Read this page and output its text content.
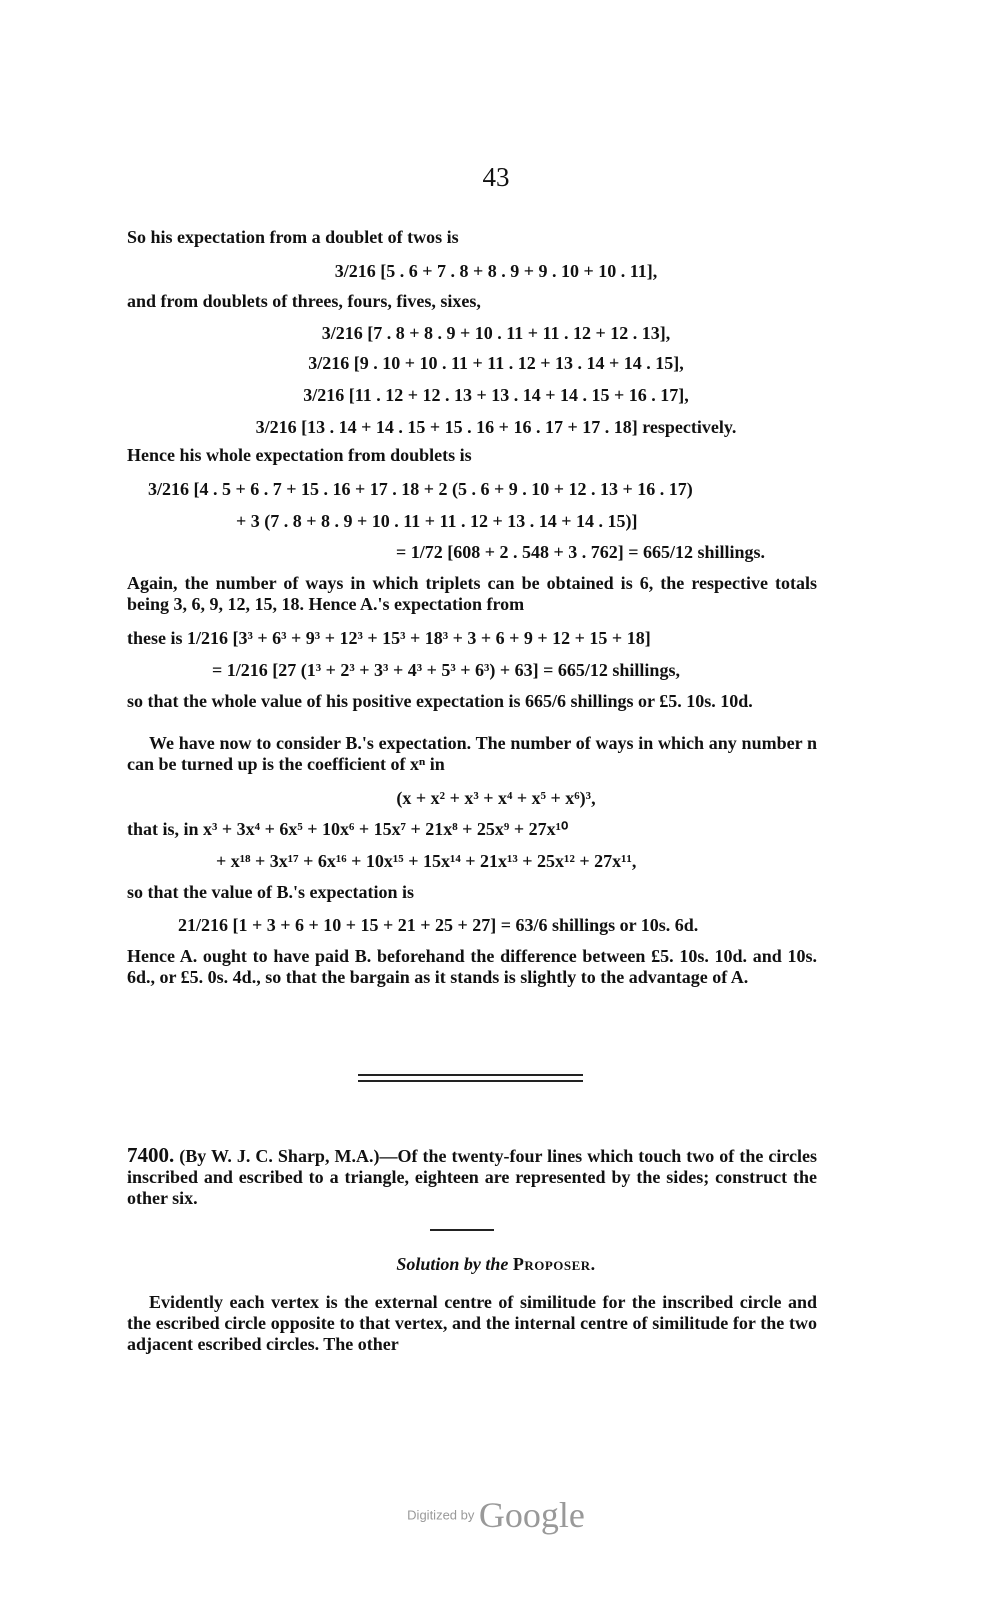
43
So his expectation from a doublet of twos is
3/216 [5 . 6 + 7 . 8 + 8 . 9 + 9 . 10 + 10 . 11],
and from doublets of threes, fours, fives, sixes,
3/216 [7 . 8 + 8 . 9 + 10 . 11 + 11 . 12 + 12 . 13],
3/216 [9 . 10 + 10 . 11 + 11 . 12 + 13 . 14 + 14 . 15],
3/216 [11 . 12 + 12 . 13 + 13 . 14 + 14 . 15 + 16 . 17],
3/216 [13 . 14 + 14 . 15 + 15 . 16 + 16 . 17 + 17 . 18] respectively.
Hence his whole expectation from doublets is
3/216 [4 . 5 + 6 . 7 + 15 . 16 + 17 . 18 + 2 (5 . 6 + 9 . 10 + 12 . 13 + 16 . 17)
+ 3 (7 . 8 + 8 . 9 + 10 . 11 + 11 . 12 + 13 . 14 + 14 . 15)]
= 1/72 [608 + 2 . 548 + 3 . 762] = 665/12 shillings.
Again, the number of ways in which triplets can be obtained is 6, the respective totals being 3, 6, 9, 12, 15, 18. Hence A.'s expectation from
these is 1/216 [3³ + 6³ + 9³ + 12³ + 15³ + 18³ + 3 + 6 + 9 + 12 + 15 + 18]
= 1/216 [27 (1³ + 2³ + 3³ + 4³ + 5³ + 6³) + 63] = 665/12 shillings,
so that the whole value of his positive expectation is 665/6 shillings or £5. 10s. 10d.
We have now to consider B.'s expectation. The number of ways in which any number n can be turned up is the coefficient of xⁿ in
(x + x² + x³ + x⁴ + x⁵ + x⁶)³,
that is, in x³ + 3x⁴ + 6x⁵ + 10x⁶ + 15x⁷ + 21x⁸ + 25x⁹ + 27x¹⁰
+ x¹⁸ + 3x¹⁷ + 6x¹⁶ + 10x¹⁵ + 15x¹⁴ + 21x¹³ + 25x¹² + 27x¹¹,
so that the value of B.'s expectation is
21/216 [1 + 3 + 6 + 10 + 15 + 21 + 25 + 27] = 63/6 shillings or 10s. 6d.
Hence A. ought to have paid B. beforehand the difference between £5. 10s. 10d. and 10s. 6d., or £5. 0s. 4d., so that the bargain as it stands is slightly to the advantage of A.
7400. (By W. J. C. Sharp, M.A.)—Of the twenty-four lines which touch two of the circles inscribed and escribed to a triangle, eighteen are represented by the sides; construct the other six.
Solution by the Proposer.
Evidently each vertex is the external centre of similitude for the inscribed circle and the escribed circle opposite to that vertex, and the internal centre of similitude for the two adjacent escribed circles. The other
Digitized by Google
